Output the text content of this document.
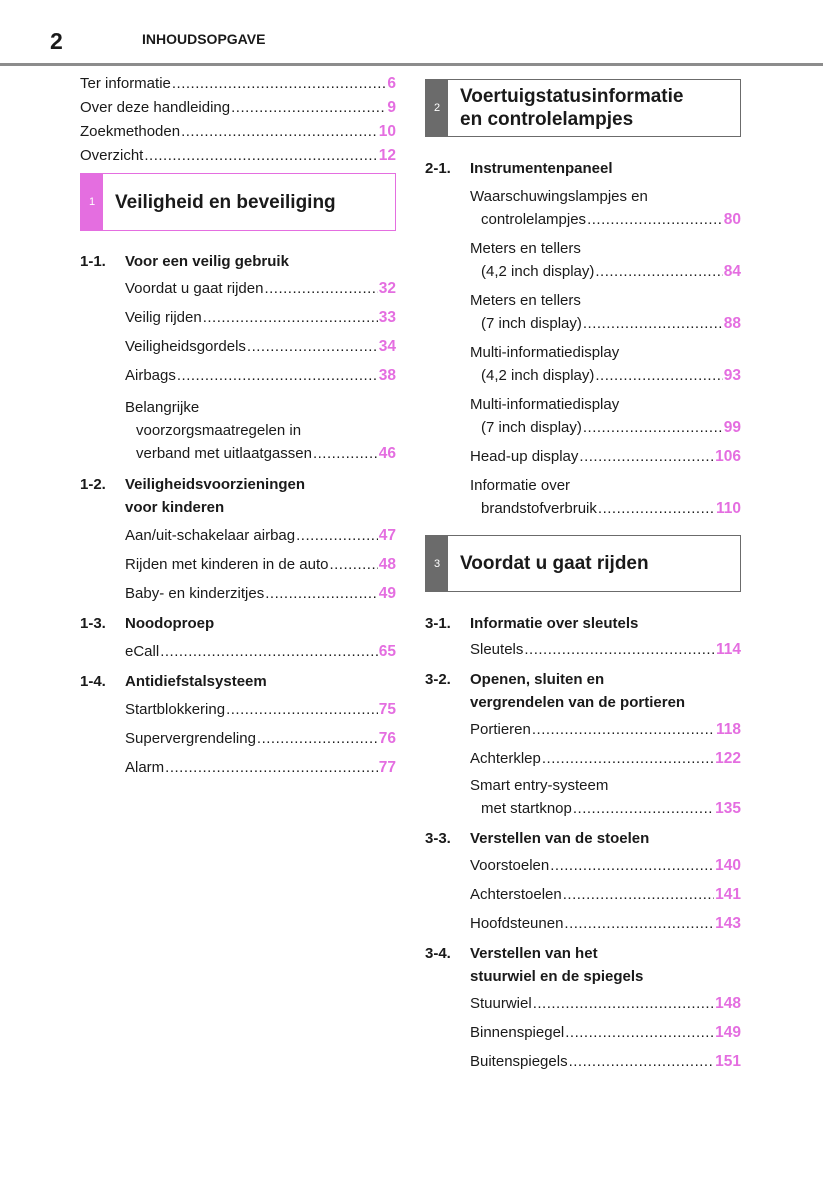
2	INHOUDSOPGAVE
Ter informatie .....	6
Over deze handleiding .....	9
Zoekmethoden .....	10
Overzicht .....	12
1	Veiligheid en beveiliging
1-1.	Voor een veilig gebruik
Voordat u gaat rijden .....	32
Veilig rijden .....	33
Veiligheidsgordels .....	34
Airbags .....	38
Belangrijke
voorzorgsmaatregelen in
verband met uitlaatgassen .....	46
1-2.	Veiligheidsvoorzieningen
voor kinderen
Aan/uit-schakelaar airbag .....	47
Rijden met kinderen in de auto .....	48
Baby- en kinderzitjes .....	49
1-3.	Noodoproep
eCall .....	65
1-4.	Antidiefstalsysteem
Startblokkering .....	75
Supervergrendeling .....	76
Alarm .....	77
2
Voertuigstatusinformatie
en controlelampjes
2-1.	Instrumentenpaneel
Waarschuwingslampjes en
controlelampjes .....	80
Meters en tellers
(4,2 inch display) .....	84
Meters en tellers
(7 inch display) .....	88
Multi-informatiedisplay
(4,2 inch display) .....	93
Multi-informatiedisplay
(7 inch display) .....	99
Head-up display .....	106
Informatie over
brandstofverbruik .....	110
3	Voordat u gaat rijden
3-1.	Informatie over sleutels
Sleutels .....	114
3-2.	Openen, sluiten en
vergrendelen van de portieren
Portieren .....	118
Achterklep .....	122
Smart entry-systeem
met startknop .....	135
3-3.	Verstellen van de stoelen
Voorstoelen .....	140
Achterstoelen .....	141
Hoofdsteunen .....	143
3-4.	Verstellen van het
stuurwiel en de spiegels
Stuurwiel .....	148
Binnenspiegel .....	149
Buitenspiegels .....	151
